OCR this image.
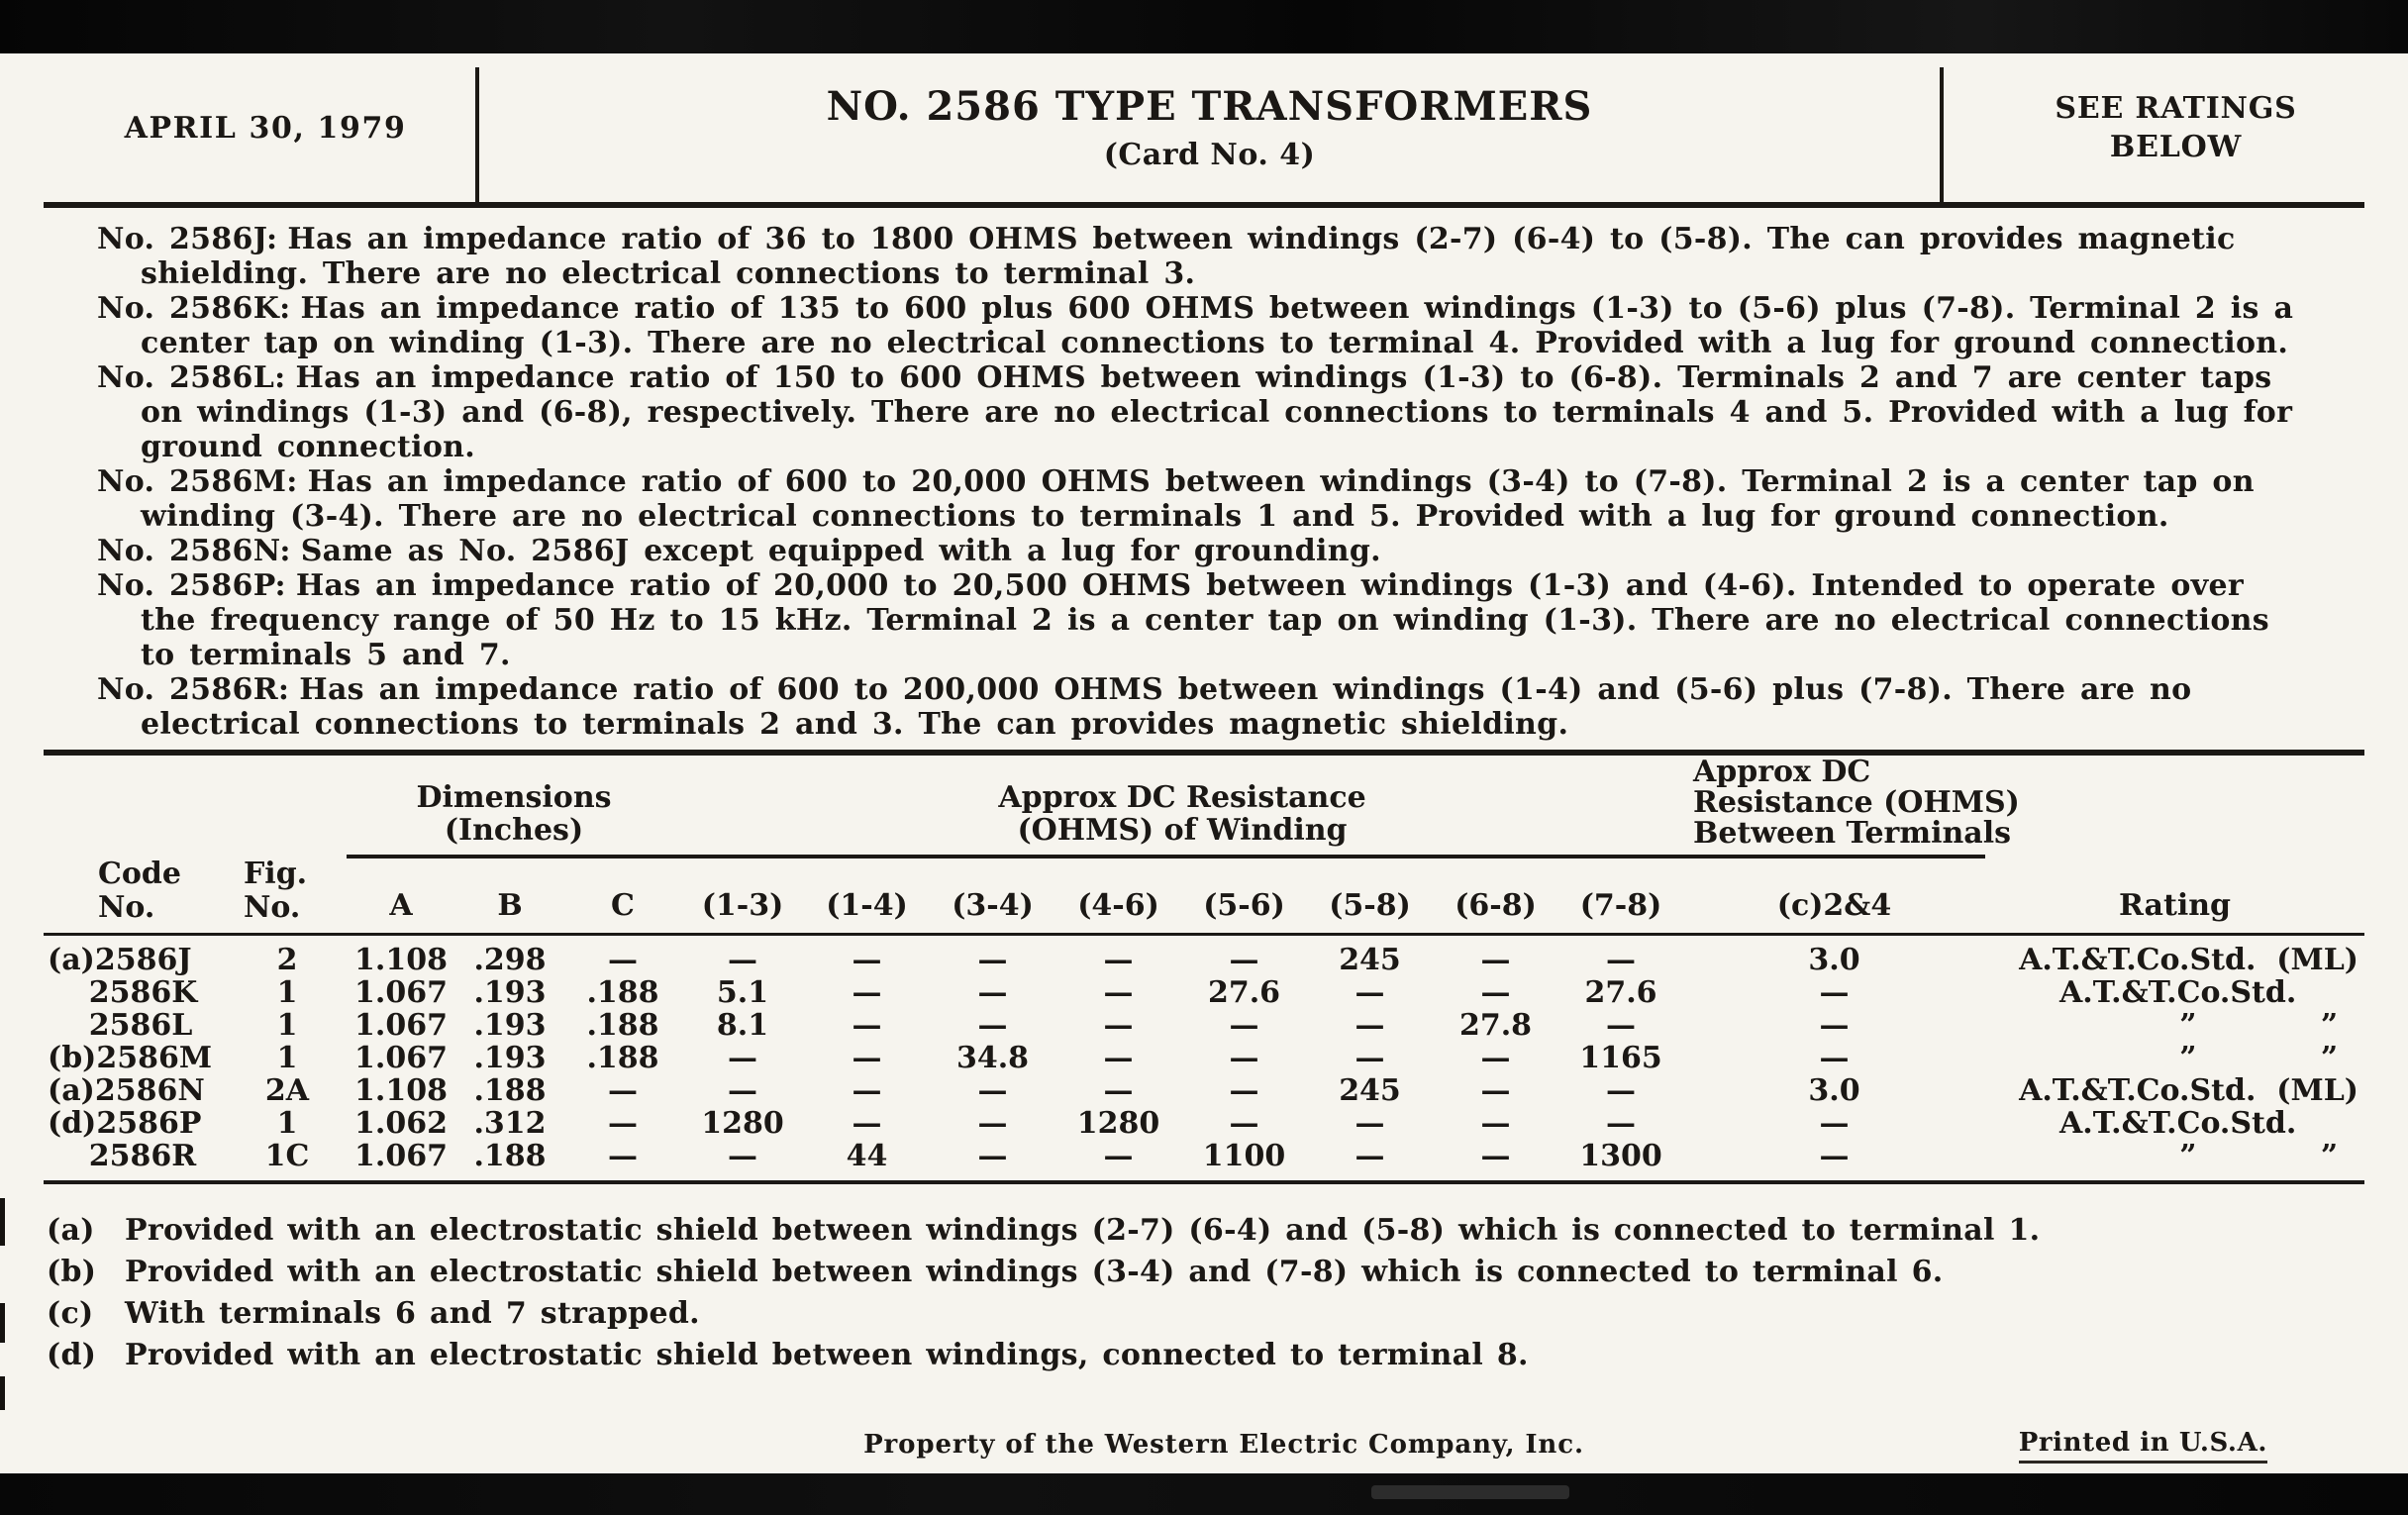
APRIL 30, 1979	NO. 2586 TYPE TRANSFORMERS
(Card No. 4)
SEE RATINGS
BELOW
No. 2586J: Has an impedance ratio of 36 to 1800 OHMS between windings (2-7) (6-4) to (5-8). The can provides magnetic shielding. There are no electrical connections to terminal 3.
No. 2586K: Has an impedance ratio of 135 to 600 plus 600 OHMS between windings (1-3) to (5-6) plus (7-8). Terminal 2 is a center tap on winding (1-3). There are no electrical connections to terminal 4. Provided with a lug for ground connection.
No. 2586L: Has an impedance ratio of 150 to 600 OHMS between windings (1-3) to (6-8). Terminals 2 and 7 are center taps on windings (1-3) and (6-8), respectively. There are no electrical connections to terminals 4 and 5. Provided with a lug for ground connection.
No. 2586M: Has an impedance ratio of 600 to 20,000 OHMS between windings (3-4) to (7-8). Terminal 2 is a center tap on winding (3-4). There are no electrical connections to terminals 1 and 5. Provided with a lug for ground connection.
No. 2586N: Same as No. 2586J except equipped with a lug for grounding.
No. 2586P: Has an impedance ratio of 20,000 to 20,500 OHMS between windings (1-3) and (4-6). Intended to operate over the frequency range of 50 Hz to 15 kHz. Terminal 2 is a center tap on winding (1-3). There are no electrical connections to terminals 5 and 7.
No. 2586R: Has an impedance ratio of 600 to 200,000 OHMS between windings (1-4) and (5-6) plus (7-8). There are no electrical connections to terminals 2 and 3. The can provides magnetic shielding.
Code
No.

Fig.
No.

Dimensions
(Inches)

Approx DC Resistance
(OHMS) of Winding

Approx DC
Resistance (OHMS)
Between Terminals
	Rating
		A	B	C	(1-3)	(1-4)	(3-4)	(4-6)	(5-6)	(5-8)	(6-8)	(7-8)	(c)2&4	
(a)2586J	2	1.108	.298	—	—	—	—	—	—	245	—	—	3.0	A.T.&T.Co.Std.  (ML)
2586K	1	1.067	.193	.188	5.1	—	—	—	27.6	—	—	27.6	—	A.T.&T.Co.Std.
2586L	1	1.067	.193	.188	8.1	—	—	—	—	—	27.8	—	—	”            ”
(b)2586M	1	1.067	.193	.188	—	—	34.8	—	—	—	—	1165	—	”            ”
(a)2586N	2A	1.108	.188	—	—	—	—	—	—	245	—	—	3.0	A.T.&T.Co.Std.  (ML)
(d)2586P	1	1.062	.312	—	1280	—	—	1280	—	—	—	—	—	A.T.&T.Co.Std.
2586R	1C	1.067	.188	—	—	44	—	—	1100	—	—	1300	—	”            ”
(a) Provided with an electrostatic shield between windings (2-7) (6-4) and (5-8) which is connected to terminal 1.
(b) Provided with an electrostatic shield between windings (3-4) and (7-8) which is connected to terminal 6.
(c) With terminals 6 and 7 strapped.
(d) Provided with an electrostatic shield between windings, connected to terminal 8.
Property of the Western Electric Company, Inc.	Printed in U.S.A.
